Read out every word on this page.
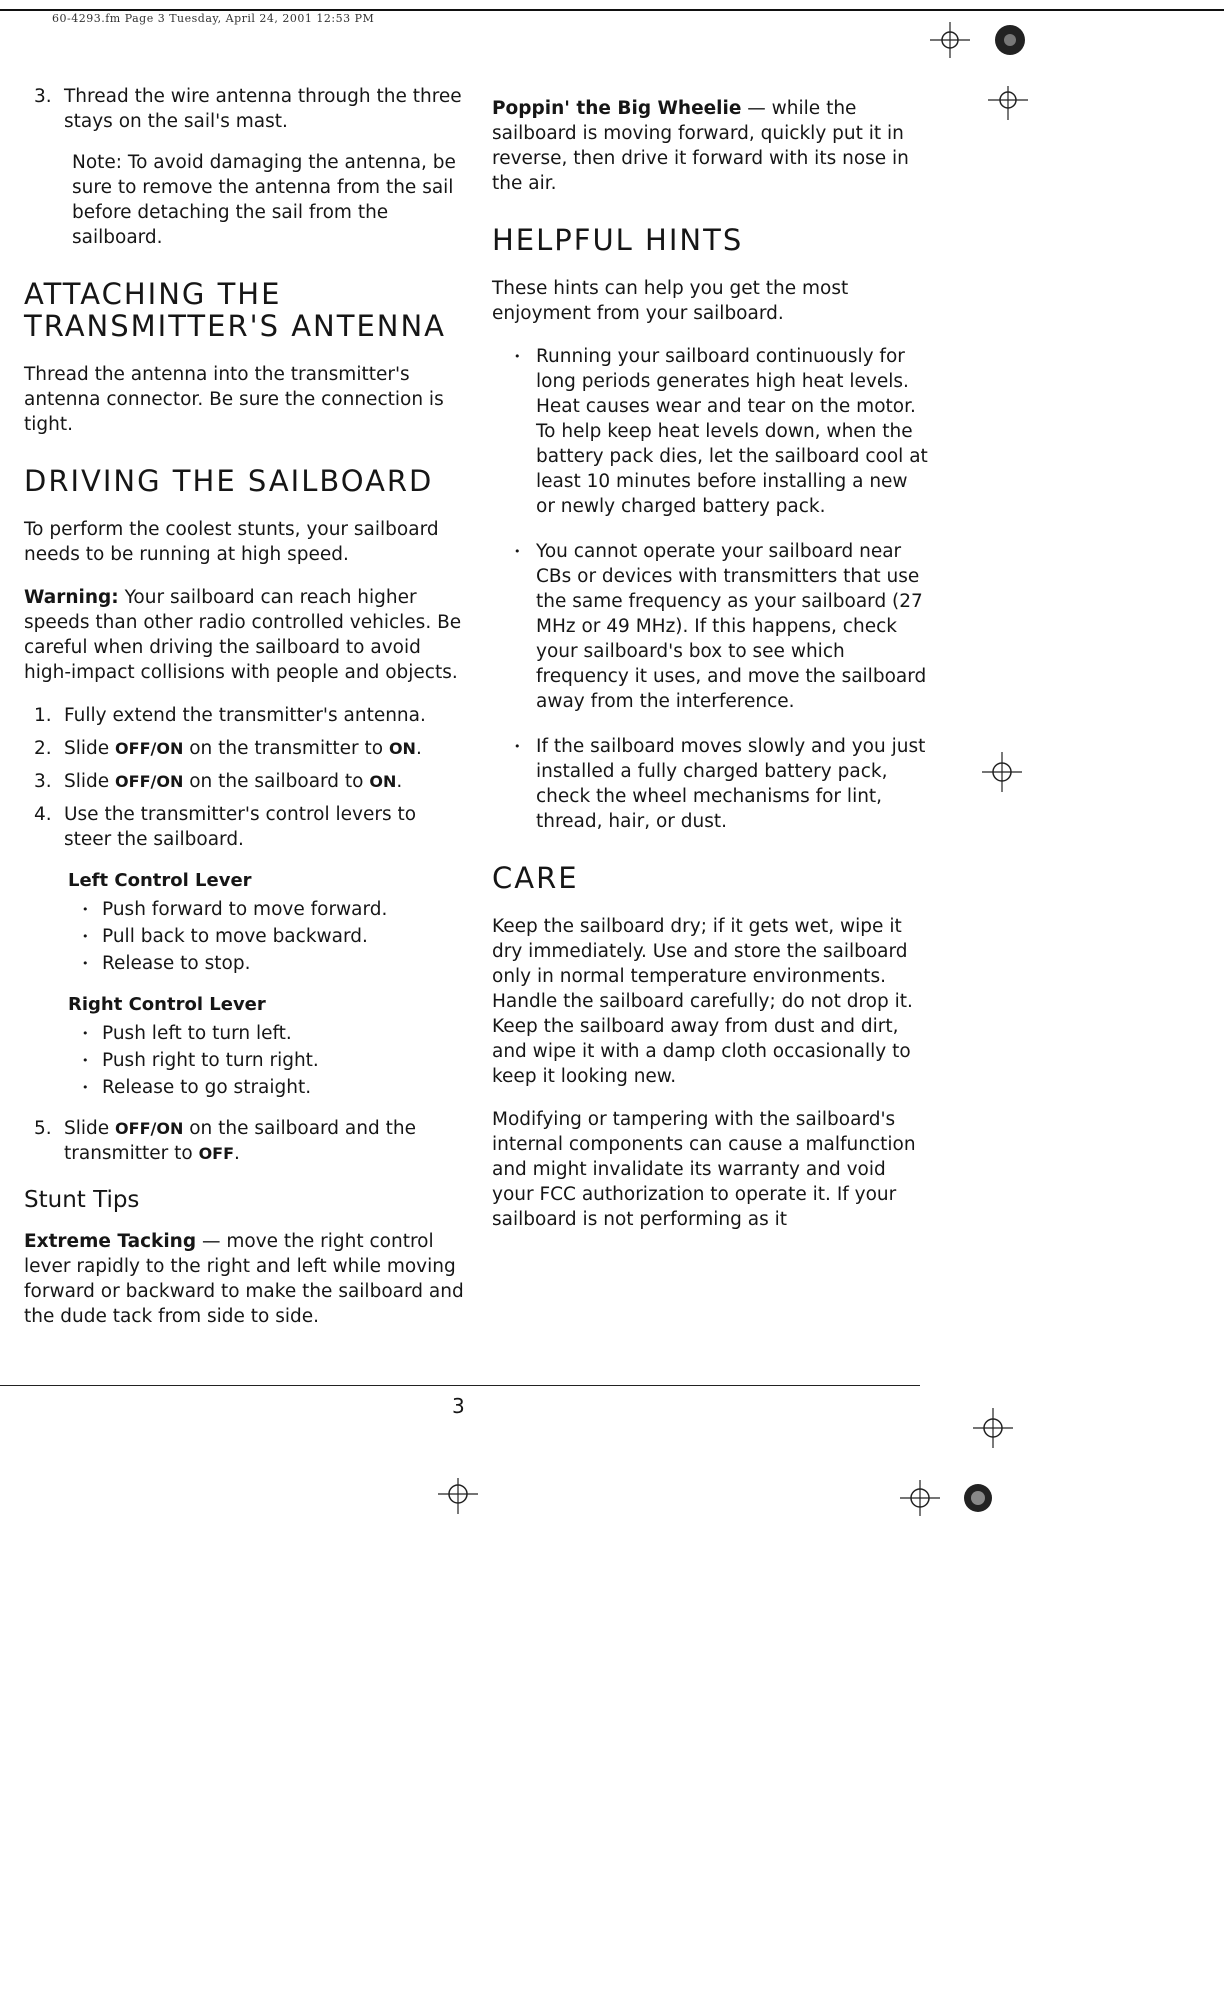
60-4293.fm Page 3 Tuesday, April 24, 2001 12:53 PM
3. Thread the wire antenna through the three stays on the sail's mast.

Note: To avoid damaging the antenna, be sure to remove the antenna from the sail before detaching the sail from the sailboard.

ATTACHING THE TRANSMITTER'S ANTENNA

Thread the antenna into the transmitter's antenna connector. Be sure the connection is tight.

DRIVING THE SAILBOARD

To perform the coolest stunts, your sailboard needs to be running at high speed.

Warning: Your sailboard can reach higher speeds than other radio controlled vehicles. Be careful when driving the sailboard to avoid high-impact collisions with people and objects.

1. Fully extend the transmitter's antenna.
2. Slide OFF/ON on the transmitter to ON.
3. Slide OFF/ON on the sailboard to ON.
4. Use the transmitter's control levers to steer the sailboard.
Left Control Lever
• Push forward to move forward.
• Pull back to move backward.
• Release to stop.
Right Control Lever
• Push left to turn left.
• Push right to turn right.
• Release to go straight.
5. Slide OFF/ON on the sailboard and the transmitter to OFF.
Stunt Tips

Extreme Tacking — move the right control lever rapidly to the right and left while moving forward or backward to make the sailboard and the dude tack from side to side.

Poppin' the Big Wheelie — while the sailboard is moving forward, quickly put it in reverse, then drive it forward with its nose in the air.

HELPFUL HINTS

These hints can help you get the most enjoyment from your sailboard.

• Running your sailboard continuously for long periods generates high heat levels. Heat causes wear and tear on the motor. To help keep heat levels down, when the battery pack dies, let the sailboard cool at least 10 minutes before installing a new or newly charged battery pack.
• You cannot operate your sailboard near CBs or devices with transmitters that use the same frequency as your sailboard (27 MHz or 49 MHz). If this happens, check your sailboard's box to see which frequency it uses, and move the sailboard away from the interference.
• If the sailboard moves slowly and you just installed a fully charged battery pack, check the wheel mechanisms for lint, thread, hair, or dust.
CARE

Keep the sailboard dry; if it gets wet, wipe it dry immediately. Use and store the sailboard only in normal temperature environments. Handle the sailboard carefully; do not drop it. Keep the sailboard away from dust and dirt, and wipe it with a damp cloth occasionally to keep it looking new.

Modifying or tampering with the sailboard's internal components can cause a malfunction and might invalidate its warranty and void your FCC authorization to operate it. If your sailboard is not performing as it

3
